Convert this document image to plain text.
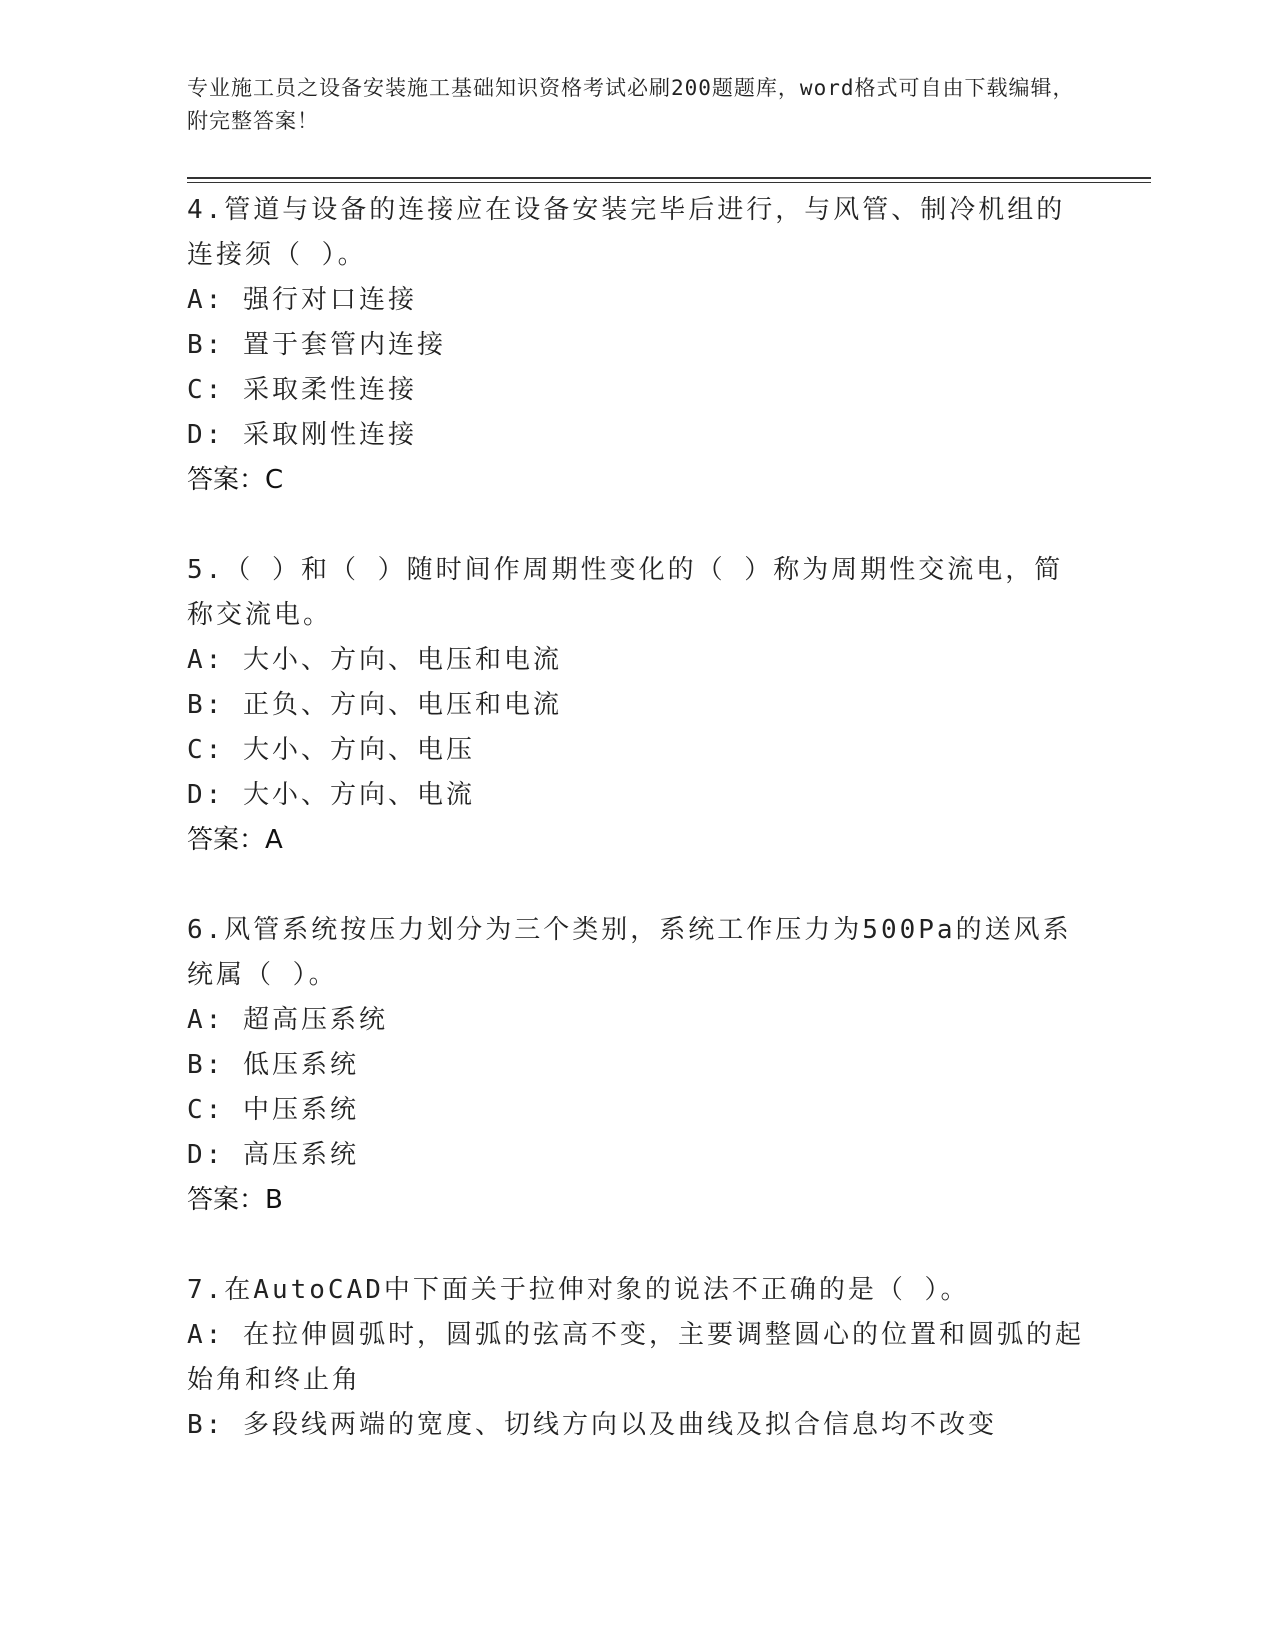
专业施工员之设备安装施工基础知识资格考试必刷200题题库，word格式可自由下载编辑，附完整答案！

4.管道与设备的连接应在设备安装完毕后进行，与风管、制冷机组的连接须（ ）。

A: 强行对口连接

B: 置于套管内连接

C: 采取柔性连接

D: 采取刚性连接

答案：C

5.（ ）和（ ）随时间作周期性变化的（ ）称为周期性交流电，简称交流电。

A: 大小、方向、电压和电流

B: 正负、方向、电压和电流

C: 大小、方向、电压

D: 大小、方向、电流

答案：A

6.风管系统按压力划分为三个类别，系统工作压力为500Pa的送风系统属（ ）。

A: 超高压系统

B: 低压系统

C: 中压系统

D: 高压系统

答案：B

7.在AutoCAD中下面关于拉伸对象的说法不正确的是（ ）。

A: 在拉伸圆弧时，圆弧的弦高不变，主要调整圆心的位置和圆弧的起始角和终止角

B: 多段线两端的宽度、切线方向以及曲线及拟合信息均不改变
